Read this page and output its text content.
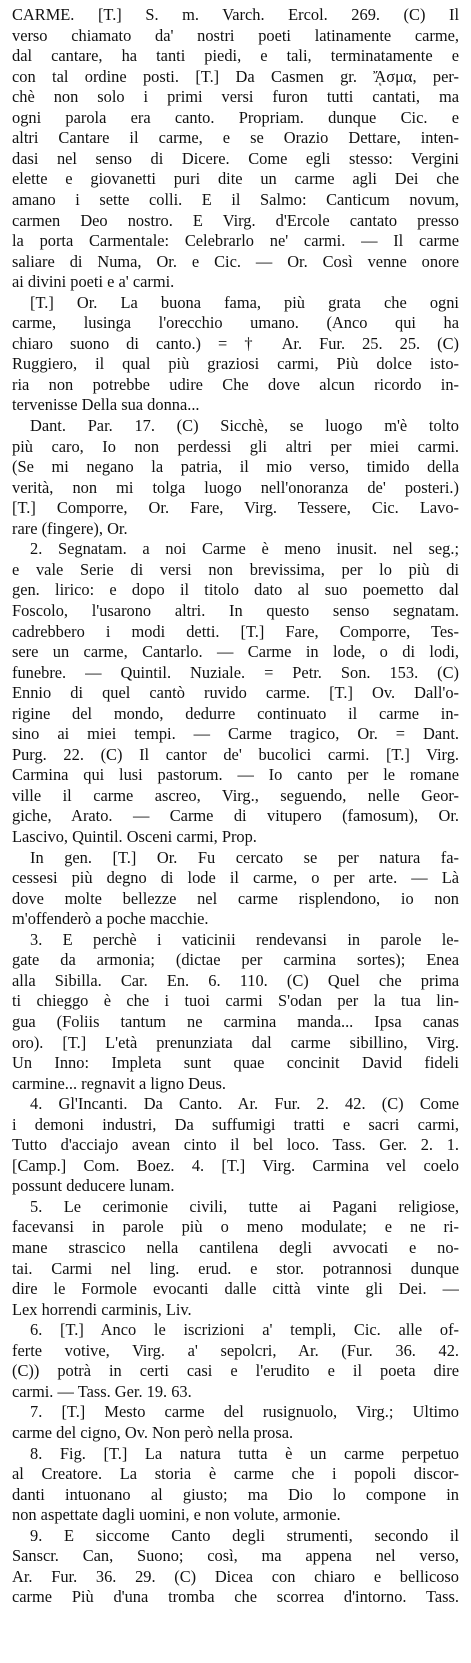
CARME. [T.] S. m. Varch. Ercol. 269. (C) Il
verso chiamato da' nostri poeti latinamente carme,
dal cantare, ha tanti piedi, e tali, terminatamente e
con tal ordine posti. [T.] Da Casmen gr. ᾌσμα, per-
chè non solo i primi versi furon tutti cantati, ma
ogni parola era canto. Propriam. dunque Cic. e
altri Cantare il carme, e se Orazio Dettare, inten-
dasi nel senso di Dicere. Come egli stesso: Vergini
elette e giovanetti puri dite un carme agli Dei che
amano i sette colli. E il Salmo: Canticum novum,
carmen Deo nostro. E Virg. d'Ercole cantato presso
la porta Carmentale: Celebrarlo ne' carmi. — Il carme
saliare di Numa, Or. e Cic. — Or. Così venne onore
ai divini poeti e a' carmi.
[T.] Or. La buona fama, più grata che ogni
carme, lusinga l'orecchio umano. (Anco qui ha
chiaro suono di canto.) = † Ar. Fur. 25. 25. (C)
Ruggiero, il qual più graziosi carmi, Più dolce isto-
ria non potrebbe udire Che dove alcun ricordo in-
tervenisse Della sua donna...
Dant. Par. 17. (C) Sicchè, se luogo m'è tolto
più caro, Io non perdessi gli altri per miei carmi.
(Se mi negano la patria, il mio verso, timido della
verità, non mi tolga luogo nell'onoranza de' posteri.)
[T.] Comporre, Or. Fare, Virg. Tessere, Cic. Lavo-
rare (fingere), Or.
2. Segnatam. a noi Carme è meno inusit. nel seg.;
e vale Serie di versi non brevissima, per lo più di
gen. lirico: e dopo il titolo dato al suo poemetto dal
Foscolo, l'usarono altri. In questo senso segnatam.
cadrebbero i modi detti. [T.] Fare, Comporre, Tes-
sere un carme, Cantarlo. — Carme in lode, o di lodi,
funebre. — Quintil. Nuziale. = Petr. Son. 153. (C)
Ennio di quel cantò ruvido carme. [T.] Ov. Dall'o-
rigine del mondo, dedurre continuato il carme in-
sino ai miei tempi. — Carme tragico, Or. = Dant.
Purg. 22. (C) Il cantor de' bucolici carmi. [T.] Virg.
Carmina qui lusi pastorum. — Io canto per le romane
ville il carme ascreo, Virg., seguendo, nelle Geor-
giche, Arato. — Carme di vitupero (famosum), Or.
Lascivo, Quintil. Osceni carmi, Prop.
In gen. [T.] Or. Fu cercato se per natura fa-
cessesi più degno di lode il carme, o per arte. — Là
dove molte bellezze nel carme risplendono, io non
m'offenderò a poche macchie.
3. E perchè i vaticinii rendevansi in parole le-
gate da armonia; (dictae per carmina sortes); Enea
alla Sibilla. Car. En. 6. 110. (C) Quel che prima
ti chieggo è che i tuoi carmi S'odan per la tua lin-
gua (Foliis tantum ne carmina manda... Ipsa canas
oro). [T.] L'età prenunziata dal carme sibillino, Virg.
Un Inno: Impleta sunt quae concinit David fideli
carmine... regnavit a ligno Deus.
4. Gl'Incanti. Da Canto. Ar. Fur. 2. 42. (C) Come
i demoni industri, Da suffumigi tratti e sacri carmi,
Tutto d'acciajo avean cinto il bel loco. Tass. Ger. 2. 1.
[Camp.] Com. Boez. 4. [T.] Virg. Carmina vel coelo
possunt deducere lunam.
5. Le cerimonie civili, tutte ai Pagani religiose,
facevansi in parole più o meno modulate; e ne ri-
mane strascico nella cantilena degli avvocati e no-
tai. Carmi nel ling. erud. e stor. potrannosi dunque
dire le Formole evocanti dalle città vinte gli Dei. —
Lex horrendi carminis, Liv.
6. [T.] Anco le iscrizioni a' templi, Cic. alle of-
ferte votive, Virg. a' sepolcri, Ar. (Fur. 36. 42.
(C)) potrà in certi casi e l'erudito e il poeta dire
carmi. — Tass. Ger. 19. 63.
7. [T.] Mesto carme del rusignuolo, Virg.; Ultimo
carme del cigno, Ov. Non però nella prosa.
8. Fig. [T.] La natura tutta è un carme perpetuo
al Creatore. La storia è carme che i popoli discor-
danti intuonano al giusto; ma Dio lo compone in
non aspettate dagli uomini, e non volute, armonie.
9. E siccome Canto degli strumenti, secondo il
Sanscr. Can, Suono; così, ma appena nel verso,
Ar. Fur. 36. 29. (C) Dicea con chiaro e bellicoso
carme Più d'una tromba che scorrea d'intorno. Tass.
